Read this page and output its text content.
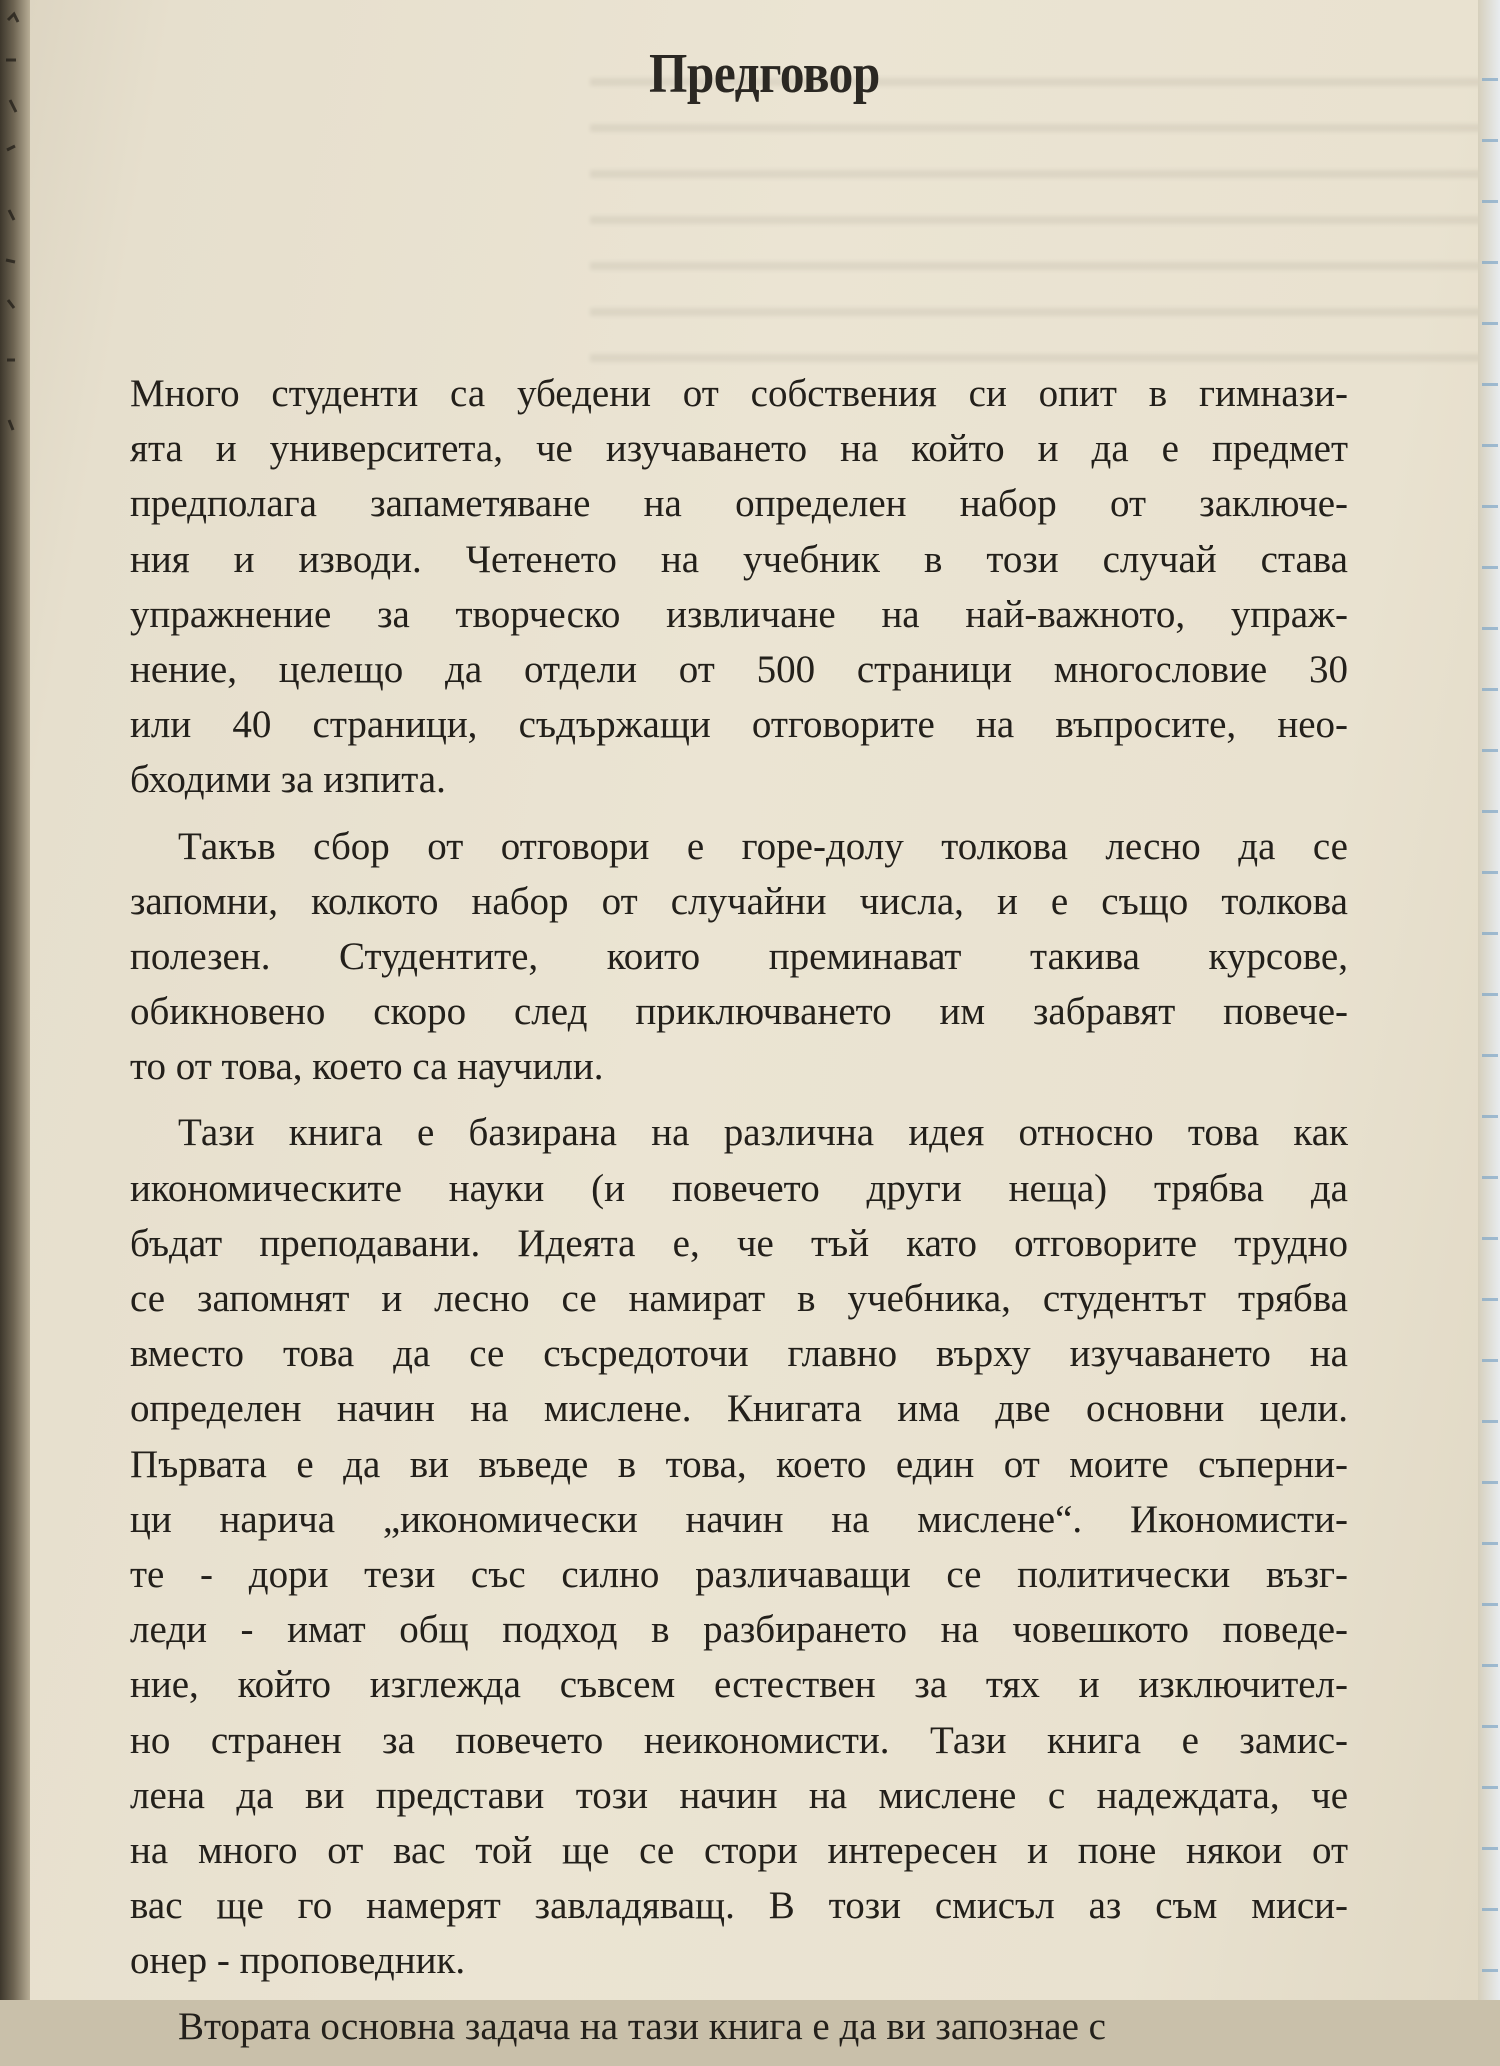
Предговор

Много студенти са убедени от собствения си опит в гимнази-
ята и университета, че изучаването на който и да е предмет
предполага запаметяване на определен набор от заключе-
ния и изводи. Четенето на учебник в този случай става
упражнение за творческо извличане на най-важното, упраж-
нение, целещо да отдели от 500 страници многословие 30
или 40 страници, съдържащи отговорите на въпросите, нео-
бходими за изпита.

Такъв сбор от отговори е горе-долу толкова лесно да се
запомни, колкото набор от случайни числа, и е също толкова
полезен. Студентите, които преминават такива курсове,
обикновено скоро след приключването им забравят повече-
то от това, което са научили.

Тази книга е базирана на различна идея относно това как
икономическите науки (и повечето други неща) трябва да
бъдат преподавани. Идеята е, че тъй като отговорите трудно
се запомнят и лесно се намират в учебника, студентът трябва
вместо това да се съсредоточи главно върху изучаването на
определен начин на мислене. Книгата има две основни цели.
Първата е да ви въведе в това, което един от моите съперни-
ци нарича „икономически начин на мислене“. Икономисти-
те - дори тези със силно различаващи се политически възг-
леди - имат общ подход в разбирането на човешкото поведе-
ние, който изглежда съвсем естествен за тях и изключител-
но странен за повечето неикономисти. Тази книга е замис-
лена да ви представи този начин на мислене с надеждата, че
на много от вас той ще се стори интересен и поне някои от
вас ще го намерят завладяващ. В този смисъл аз съм миси-
онер - проповедник.

Втората основна задача на тази книга е да ви запознае с
